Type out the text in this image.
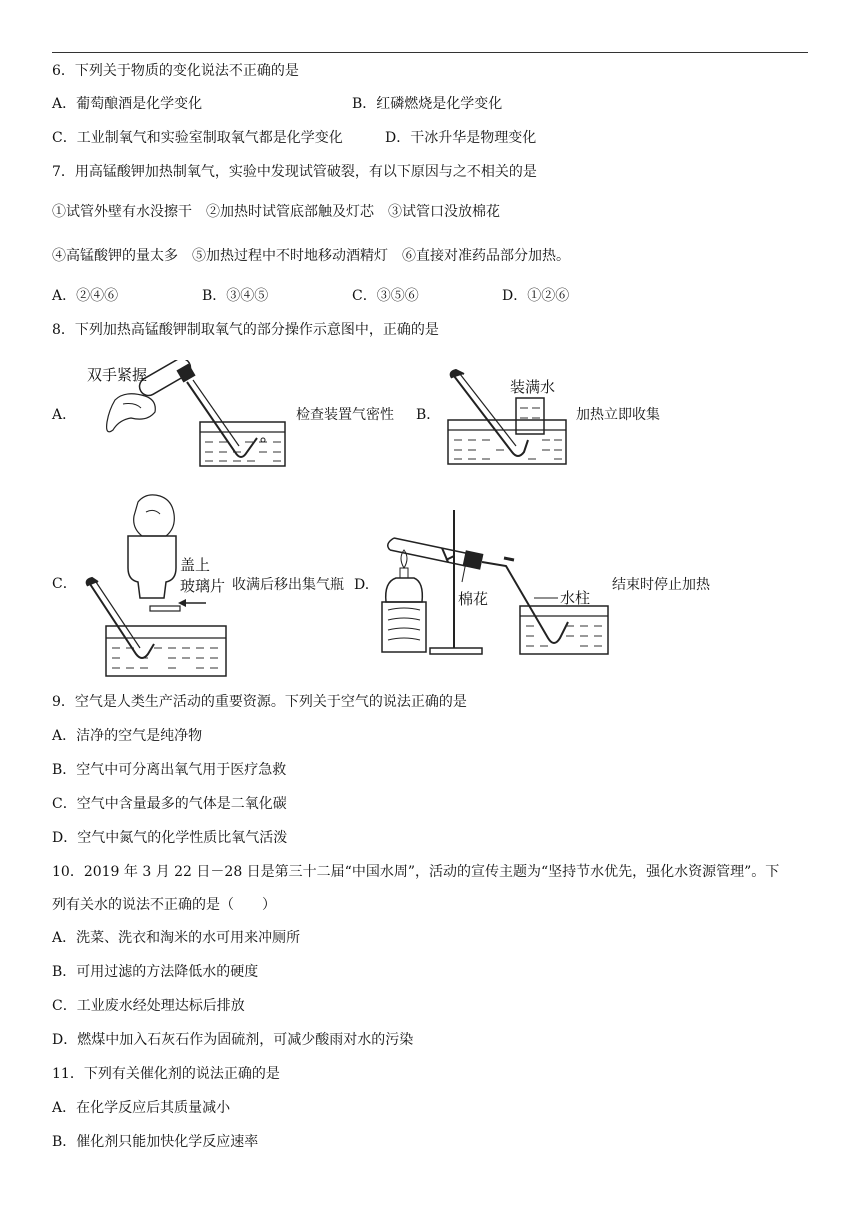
6．下列关于物质的变化说法不正确的是
A．葡萄酿酒是化学变化	B．红磷燃烧是化学变化
C．工业制氧气和实验室制取氧气都是化学变化	D．干冰升华是物理变化
7．用高锰酸钾加热制氧气，实验中发现试管破裂，有以下原因与之不相关的是
①试管外壁有水没擦干　②加热时试管底部触及灯芯　③试管口没放棉花
④高锰酸钾的量太多　⑤加热过程中不时地移动酒精灯　⑥直接对准药品部分加热。
A．②④⑥	B．③④⑤	C．③⑤⑥	D．①②⑥
8．下列加热高锰酸钾制取氧气的部分操作示意图中，正确的是
A．
双手紧握
检查装置气密性 B．
装满水
加热立即收集
C．
盖上
玻璃片 收满后移出集气瓶 D.
棉花	水柱
结束时停止加热
9．空气是人类生产活动的重要资源。下列关于空气的说法正确的是
A．洁净的空气是纯净物
B．空气中可分离出氧气用于医疗急救
C．空气中含量最多的气体是二氧化碳
D．空气中氮气的化学性质比氧气活泼
10．2019 年 3 月 22 日－28 日是第三十二届“中国水周”，活动的宣传主题为“坚持节水优先，强化水资源管理”。下
列有关水的说法不正确的是（　　）
A．洗菜、洗衣和淘米的水可用来冲厕所
B．可用过滤的方法降低水的硬度
C．工业废水经处理达标后排放
D．燃煤中加入石灰石作为固硫剂，可减少酸雨对水的污染
11．下列有关催化剂的说法正确的是
A．在化学反应后其质量减小
B．催化剂只能加快化学反应速率
